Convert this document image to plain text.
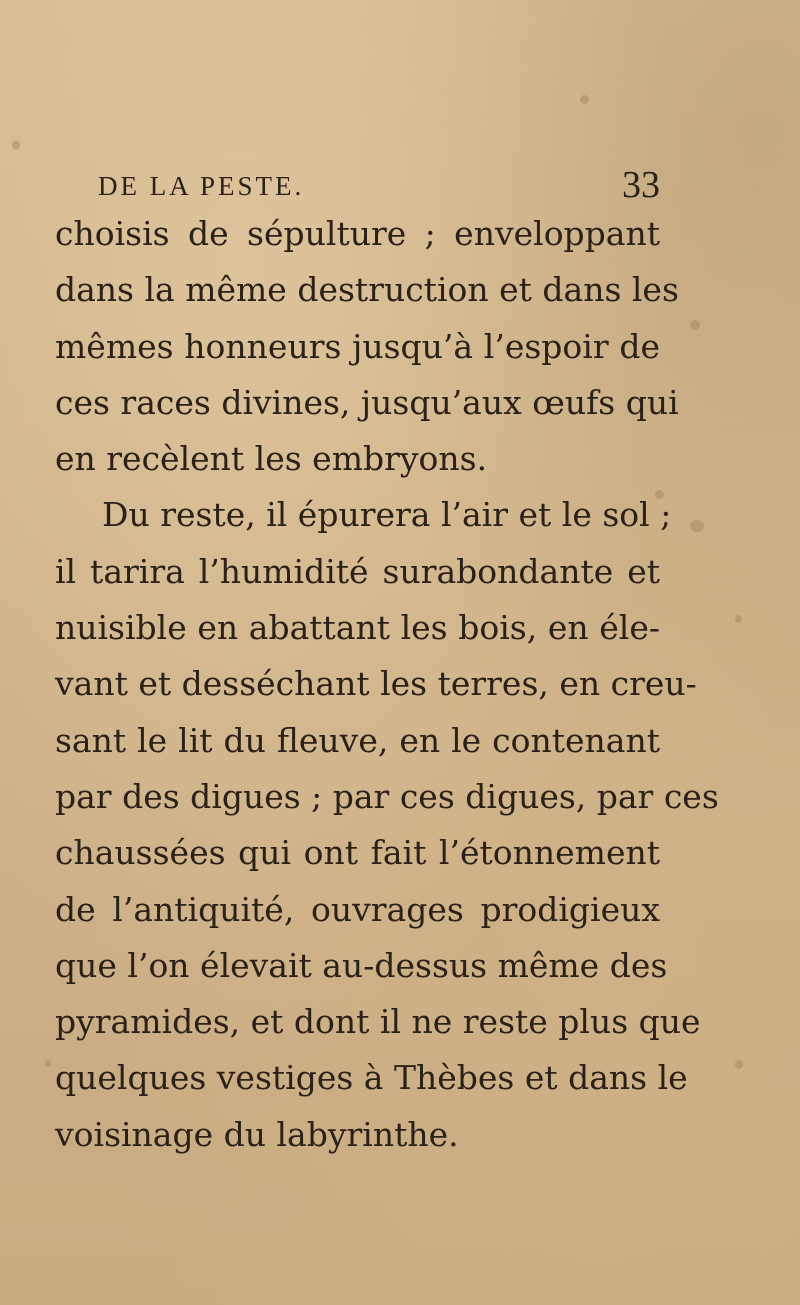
DE LA PESTE.	33
choisis de sépulture ; enveloppant
dans la même destruction et dans les
mêmes honneurs jusqu’à l’espoir de
ces races divines, jusqu’aux œufs qui
en recèlent les embryons.
Du reste, il épurera l’air et le sol ;
il tarira l’humidité surabondante et
nuisible en abattant les bois, en éle-
vant et desséchant les terres, en creu-
sant le lit du fleuve, en le contenant
par des digues ; par ces digues, par ces
chaussées qui ont fait l’étonnement
de l’antiquité, ouvrages prodigieux
que l’on élevait au-dessus même des
pyramides, et dont il ne reste plus que
quelques vestiges à Thèbes et dans le
voisinage du labyrinthe.
